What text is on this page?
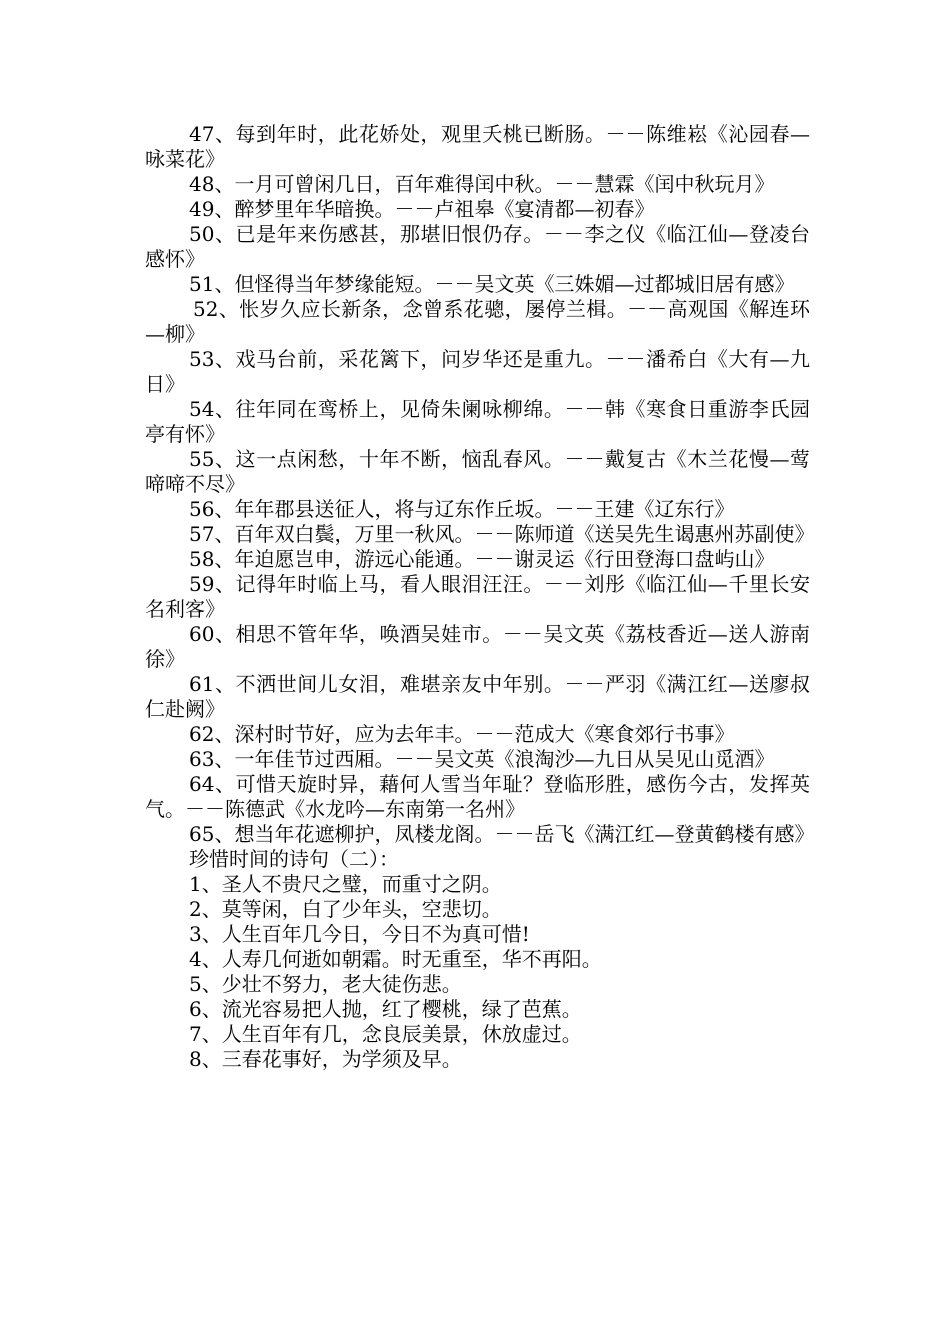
47、每到年时，此花娇处，观里夭桃已断肠。－－陈维崧《沁园春—咏菜花》

48、一月可曾闲几日，百年难得闰中秋。－－慧霖《闰中秋玩月》

49、醉梦里年华暗换。－－卢祖皋《宴清都—初春》

50、已是年来伤感甚，那堪旧恨仍存。－－李之仪《临江仙—登凌台感怀》

51、但怪得当年梦缘能短。－－吴文英《三姝媚—过都城旧居有感》

52、怅岁久应长新条，念曾系花骢，屡停兰楫。－－高观国《解连环—柳》

53、戏马台前，采花篱下，问岁华还是重九。－－潘希白《大有—九日》

54、往年同在鸾桥上，见倚朱阑咏柳绵。－－韩《寒食日重游李氏园亭有怀》

55、这一点闲愁，十年不断，恼乱春风。－－戴复古《木兰花慢—莺啼啼不尽》

56、年年郡县送征人，将与辽东作丘坂。－－王建《辽东行》

57、百年双白鬓，万里一秋风。－－陈师道《送吴先生谒惠州苏副使》

58、年迫愿岂申，游远心能通。－－谢灵运《行田登海口盘屿山》

59、记得年时临上马，看人眼泪汪汪。－－刘彤《临江仙—千里长安名利客》

60、相思不管年华，唤酒吴娃市。－－吴文英《荔枝香近—送人游南徐》

61、不洒世间儿女泪，难堪亲友中年别。－－严羽《满江红—送廖叔仁赴阙》

62、深村时节好，应为去年丰。－－范成大《寒食郊行书事》

63、一年佳节过西厢。－－吴文英《浪淘沙—九日从吴见山觅酒》

64、可惜天旋时异，藉何人雪当年耻？登临形胜，感伤今古，发挥英气。－－陈德武《水龙吟—东南第一名州》

65、想当年花遮柳护，凤楼龙阁。－－岳飞《满江红—登黄鹤楼有感》

珍惜时间的诗句（二）：

1、圣人不贵尺之璧，而重寸之阴。

2、莫等闲，白了少年头，空悲切。

3、人生百年几今日，今日不为真可惜!

4、人寿几何逝如朝霜。时无重至，华不再阳。

5、少壮不努力，老大徒伤悲。

6、流光容易把人抛，红了樱桃，绿了芭蕉。

7、人生百年有几，念良辰美景，休放虚过。

8、三春花事好，为学须及早。
